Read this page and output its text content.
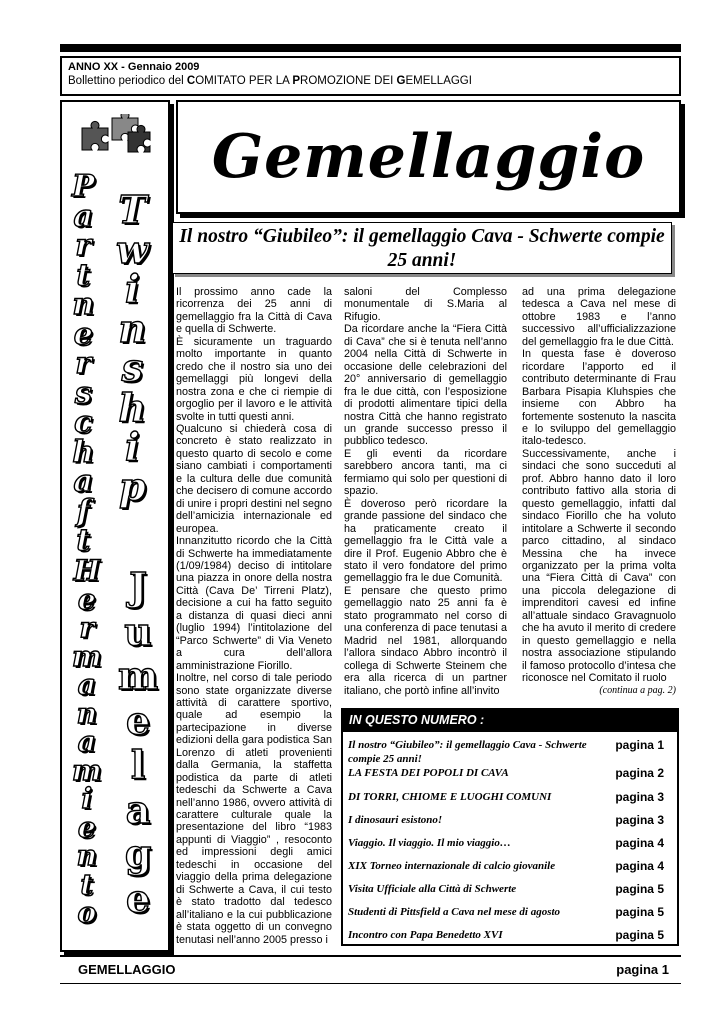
ANNO XX - Gennaio 2009
Bollettino periodico del COMITATO PER LA PROMOZIONE DEI GEMELLAGGI
P
a
r
t
n
e
r
s
c
h
a
f
t
T
w
i
n
s
h
i
p
H
e
r
m
a
n
a
m
i
e
n
t
o
J
u
m
e
l
a
g
e
Gemellaggio
Il nostro “Giubileo”: il gemellaggio Cava - Schwerte compie 25 anni!

Il prossimo anno cade la ricorrenza dei 25 anni di gemellaggio fra la Città di Cava e quella di Schwerte.

È sicuramente un traguardo molto importante in quanto credo che il nostro sia uno dei gemellaggi più longevi della nostra zona e che ci riempie di orgoglio per il lavoro e le attività svolte in tutti questi anni.

Qualcuno si chiederà cosa di concreto è stato realizzato in questo quarto di secolo e come siano cambiati i comportamenti e la cultura delle due comunità che decisero di comune accordo di unire i propri destini nel segno dell’amicizia internazionale ed europea.

Innanzitutto ricordo che la Città di Schwerte ha immediatamente (1/09/1984) deciso di intitolare una piazza in onore della nostra Città (Cava De’ Tirreni Platz), decisione a cui ha fatto seguito a distanza di quasi dieci anni (luglio 1994) l’intitolazione del “Parco Schwerte” di Via Veneto a cura dell’allora amministrazione Fiorillo.

Inoltre, nel corso di tale periodo sono state organizzate diverse attività di carattere sportivo, quale ad esempio la partecipazione in diverse edizioni della gara podistica San Lorenzo di atleti provenienti dalla Germania, la staffetta podistica da parte di atleti tedeschi da Schwerte a Cava nell’anno 1986, ovvero attività di carattere culturale quale la presentazione del libro “1983 appunti di Viaggio” , resoconto ed impressioni degli amici tedeschi in occasione del viaggio della prima delegazione di Schwerte a Cava, il cui testo è stato tradotto dal tedesco all’italiano e la cui pubblicazione è stata oggetto di un convegno tenutasi nell’anno 2005 presso i

saloni del Complesso monumentale di S.Maria al Rifugio.

Da ricordare anche la “Fiera Città di Cava” che si è tenuta nell’anno 2004 nella Città di Schwerte in occasione delle celebrazioni del 20° anniversario di gemellaggio fra le due città, con l’esposizione di prodotti alimentare tipici della nostra Città che hanno registrato un grande successo presso il pubblico tedesco.

E gli eventi da ricordare sarebbero ancora tanti, ma ci fermiamo qui solo per questioni di spazio.

È doveroso però ricordare la grande passione del sindaco che ha praticamente creato il gemellaggio fra le Città vale a dire il Prof. Eugenio Abbro che è stato il vero fondatore del primo gemellaggio fra le due Comunità.

E pensare che questo primo gemellaggio nato 25 anni fa è stato programmato nel corso di una conferenza di pace tenutasi a Madrid nel 1981, allorquando l’allora sindaco Abbro incontrò il collega di Schwerte Steinem che era alla ricerca di un partner italiano, che portò infine all’invito

ad una prima delegazione tedesca a Cava nel mese di ottobre 1983 e l’anno successivo all’ufficializzazione del gemellaggio fra le due Città.

In questa fase è doveroso ricordare l’apporto ed il contributo determinante di Frau Barbara Pisapia Kluhspies che insieme con Abbro ha fortemente sostenuto la nascita e lo sviluppo del gemellaggio italo-tedesco.

Successivamente, anche i sindaci che sono succeduti al prof. Abbro hanno dato il loro contributo fattivo alla storia di questo gemellaggio, infatti dal sindaco Fiorillo che ha voluto intitolare a Schwerte il secondo parco cittadino, al sindaco Messina che ha invece organizzato per la prima volta una “Fiera Città di Cava” con una piccola delegazione di imprenditori cavesi ed infine all’attuale sindaco Gravagnuolo che ha avuto il merito di credere in questo gemellaggio e nella nostra associazione stipulando il famoso protocollo d’intesa che riconosce nel Comitato il ruolo

(continua a pag. 2)

IN QUESTO NUMERO :
Il nostro “Giubileo”: il gemellaggio Cava - Schwerte compie 25 anni!
pagina 1
LA FESTA DEI POPOLI DI CAVA	pagina 2
DI TORRI, CHIOME E LUOGHI COMUNI	pagina 3
I dinosauri esistono!	pagina 3
Viaggio. Il viaggio. Il mio viaggio…	pagina 4
XIX Torneo internazionale di calcio giovanile	pagina 4
Visita Ufficiale alla Città di Schwerte	pagina 5
Studenti di Pittsfield a Cava nel mese di agosto	pagina 5
Incontro con Papa Benedetto XVI	pagina 5
GEMELLAGGIO	pagina 1
